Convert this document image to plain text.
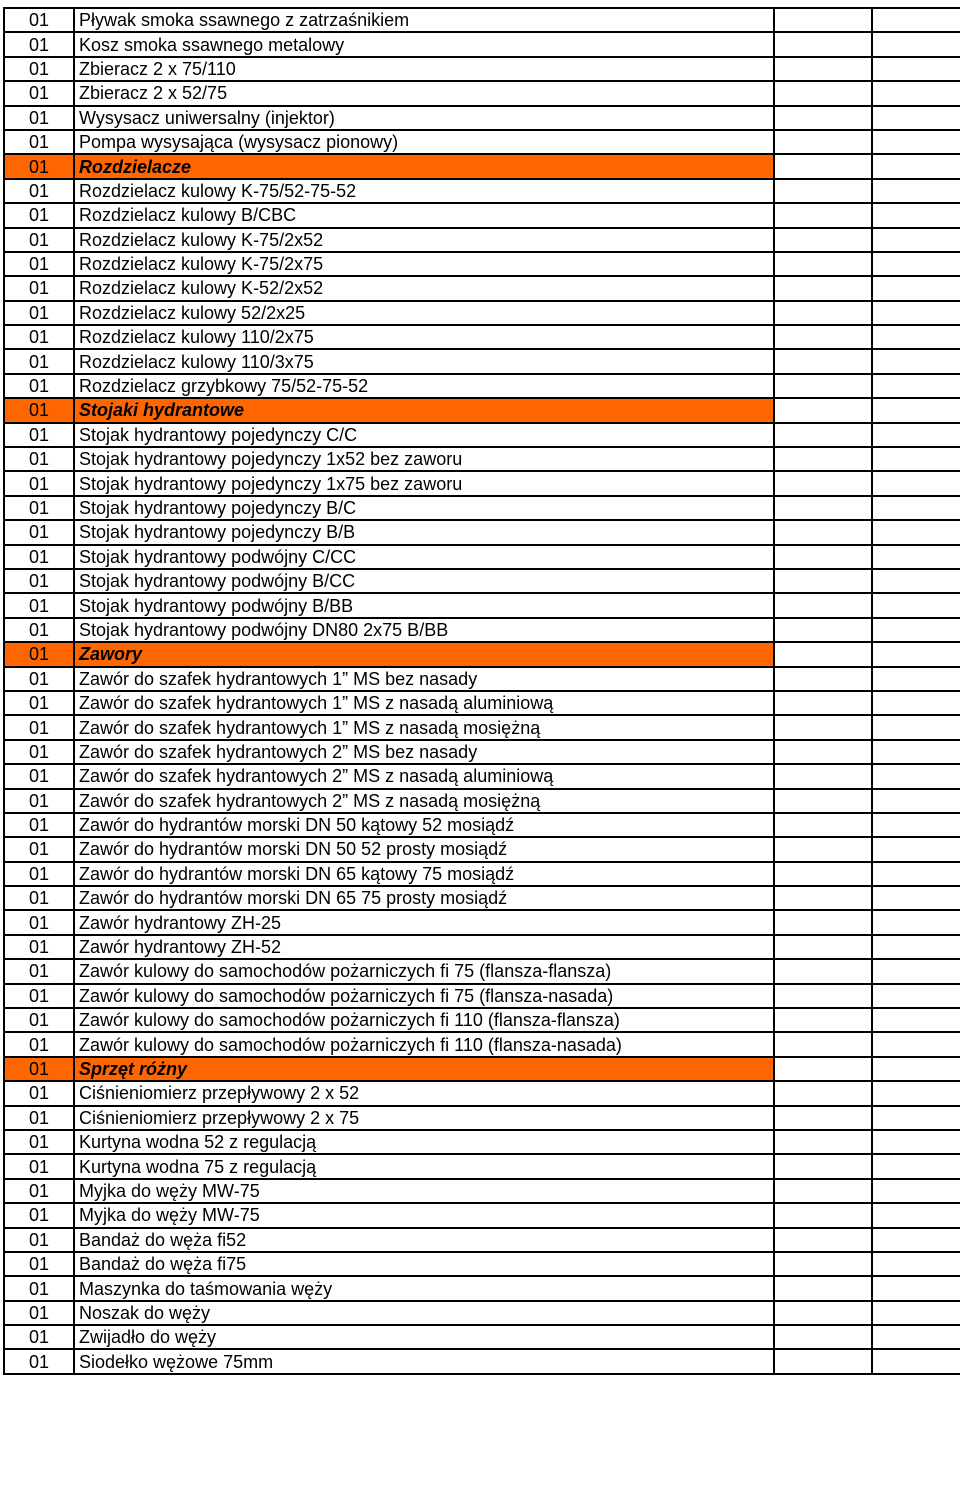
01	Pływak smoka ssawnego z zatrzaśnikiem		
01	Kosz smoka ssawnego metalowy		
01	Zbieracz 2 x 75/110		
01	Zbieracz 2 x 52/75		
01	Wysysacz uniwersalny (injektor)		
01	Pompa wysysająca (wysysacz pionowy)		
01	Rozdzielacze		
01	Rozdzielacz kulowy K-75/52-75-52		
01	Rozdzielacz kulowy B/CBC		
01	Rozdzielacz kulowy K-75/2x52		
01	Rozdzielacz kulowy K-75/2x75		
01	Rozdzielacz kulowy K-52/2x52		
01	Rozdzielacz kulowy 52/2x25		
01	Rozdzielacz kulowy 110/2x75		
01	Rozdzielacz kulowy 110/3x75		
01	Rozdzielacz grzybkowy 75/52-75-52		
01	Stojaki hydrantowe		
01	Stojak hydrantowy pojedynczy C/C		
01	Stojak hydrantowy pojedynczy 1x52 bez zaworu		
01	Stojak hydrantowy pojedynczy 1x75 bez zaworu		
01	Stojak hydrantowy pojedynczy B/C		
01	Stojak hydrantowy pojedynczy B/B		
01	Stojak hydrantowy podwójny C/CC		
01	Stojak hydrantowy podwójny B/CC		
01	Stojak hydrantowy podwójny B/BB		
01	Stojak hydrantowy podwójny DN80 2x75 B/BB		
01	Zawory		
01	Zawór do szafek hydrantowych 1” MS bez nasady		
01	Zawór do szafek hydrantowych 1” MS z nasadą aluminiową		
01	Zawór do szafek hydrantowych 1” MS z nasadą mosiężną		
01	Zawór do szafek hydrantowych 2” MS bez nasady		
01	Zawór do szafek hydrantowych 2” MS z nasadą aluminiową		
01	Zawór do szafek hydrantowych 2” MS z nasadą mosiężną		
01	Zawór do hydrantów morski DN 50 kątowy 52 mosiądź		
01	Zawór do hydrantów morski DN 50 52 prosty mosiądź		
01	Zawór do hydrantów morski DN 65 kątowy 75 mosiądź		
01	Zawór do hydrantów morski DN 65 75 prosty mosiądź		
01	Zawór hydrantowy ZH-25		
01	Zawór hydrantowy ZH-52		
01	Zawór kulowy do samochodów pożarniczych fi 75 (flansza-flansza)		
01	Zawór kulowy do samochodów pożarniczych fi 75 (flansza-nasada)		
01	Zawór kulowy do samochodów pożarniczych fi 110 (flansza-flansza)		
01	Zawór kulowy do samochodów pożarniczych fi 110 (flansza-nasada)		
01	Sprzęt różny		
01	Ciśnieniomierz przepływowy 2 x 52		
01	Ciśnieniomierz przepływowy 2 x 75		
01	Kurtyna wodna 52 z regulacją		
01	Kurtyna wodna 75 z regulacją		
01	Myjka do węży MW-75		
01	Myjka do węży MW-75		
01	Bandaż do węża fi52		
01	Bandaż do węża fi75		
01	Maszynka do taśmowania węży		
01	Noszak do węży		
01	Zwijadło do węży		
01	Siodełko wężowe 75mm		
